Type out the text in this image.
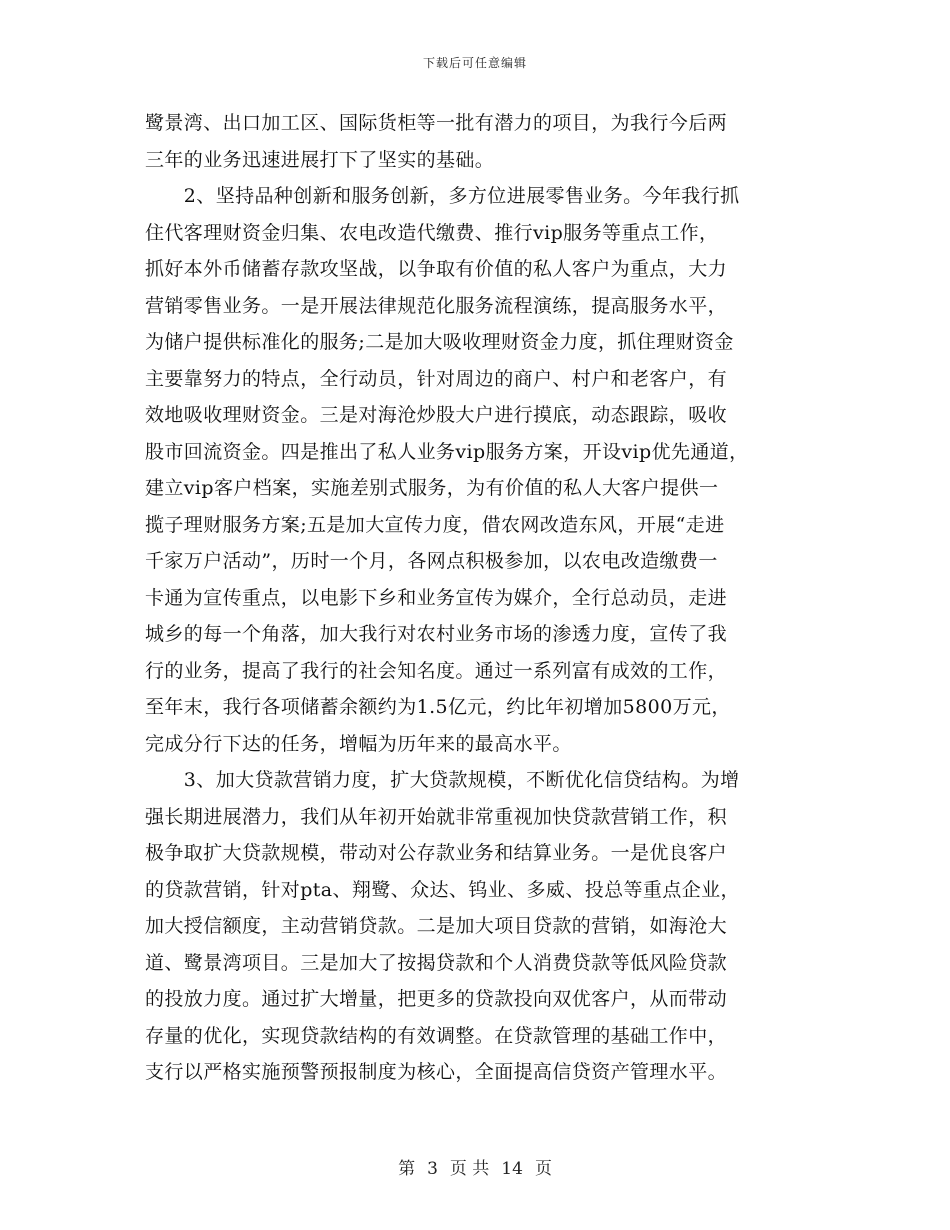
下载后可任意编辑
鹭景湾、出口加工区、国际货柜等一批有潜力的项目，为我行今后两
三年的业务迅速进展打下了坚实的基础。
　　2、坚持品种创新和服务创新，多方位进展零售业务。今年我行抓
住代客理财资金归集、农电改造代缴费、推行vip服务等重点工作，
抓好本外币储蓄存款攻坚战，以争取有价值的私人客户为重点，大力
营销零售业务。一是开展法律规范化服务流程演练，提高服务水平，
为储户提供标准化的服务;二是加大吸收理财资金力度，抓住理财资金
主要靠努力的特点，全行动员，针对周边的商户、村户和老客户，有
效地吸收理财资金。三是对海沧炒股大户进行摸底，动态跟踪，吸收
股市回流资金。四是推出了私人业务vip服务方案，开设vip优先通道，
建立vip客户档案，实施差别式服务，为有价值的私人大客户提供一
揽子理财服务方案;五是加大宣传力度，借农网改造东风，开展“走进
千家万户活动”，历时一个月，各网点积极参加，以农电改造缴费一
卡通为宣传重点，以电影下乡和业务宣传为媒介，全行总动员，走进
城乡的每一个角落，加大我行对农村业务市场的渗透力度，宣传了我
行的业务，提高了我行的社会知名度。通过一系列富有成效的工作，
至年末，我行各项储蓄余额约为1.5亿元，约比年初增加5800万元，
完成分行下达的任务，增幅为历年来的最高水平。
　　3、加大贷款营销力度，扩大贷款规模，不断优化信贷结构。为增
强长期进展潜力，我们从年初开始就非常重视加快贷款营销工作，积
极争取扩大贷款规模，带动对公存款业务和结算业务。一是优良客户
的贷款营销，针对pta、翔鹭、众达、钨业、多威、投总等重点企业，
加大授信额度，主动营销贷款。二是加大项目贷款的营销，如海沧大
道、鹭景湾项目。三是加大了按揭贷款和个人消费贷款等低风险贷款
的投放力度。通过扩大增量，把更多的贷款投向双优客户，从而带动
存量的优化，实现贷款结构的有效调整。在贷款管理的基础工作中，
支行以严格实施预警预报制度为核心，全面提高信贷资产管理水平。
第 3 页 共 14 页
